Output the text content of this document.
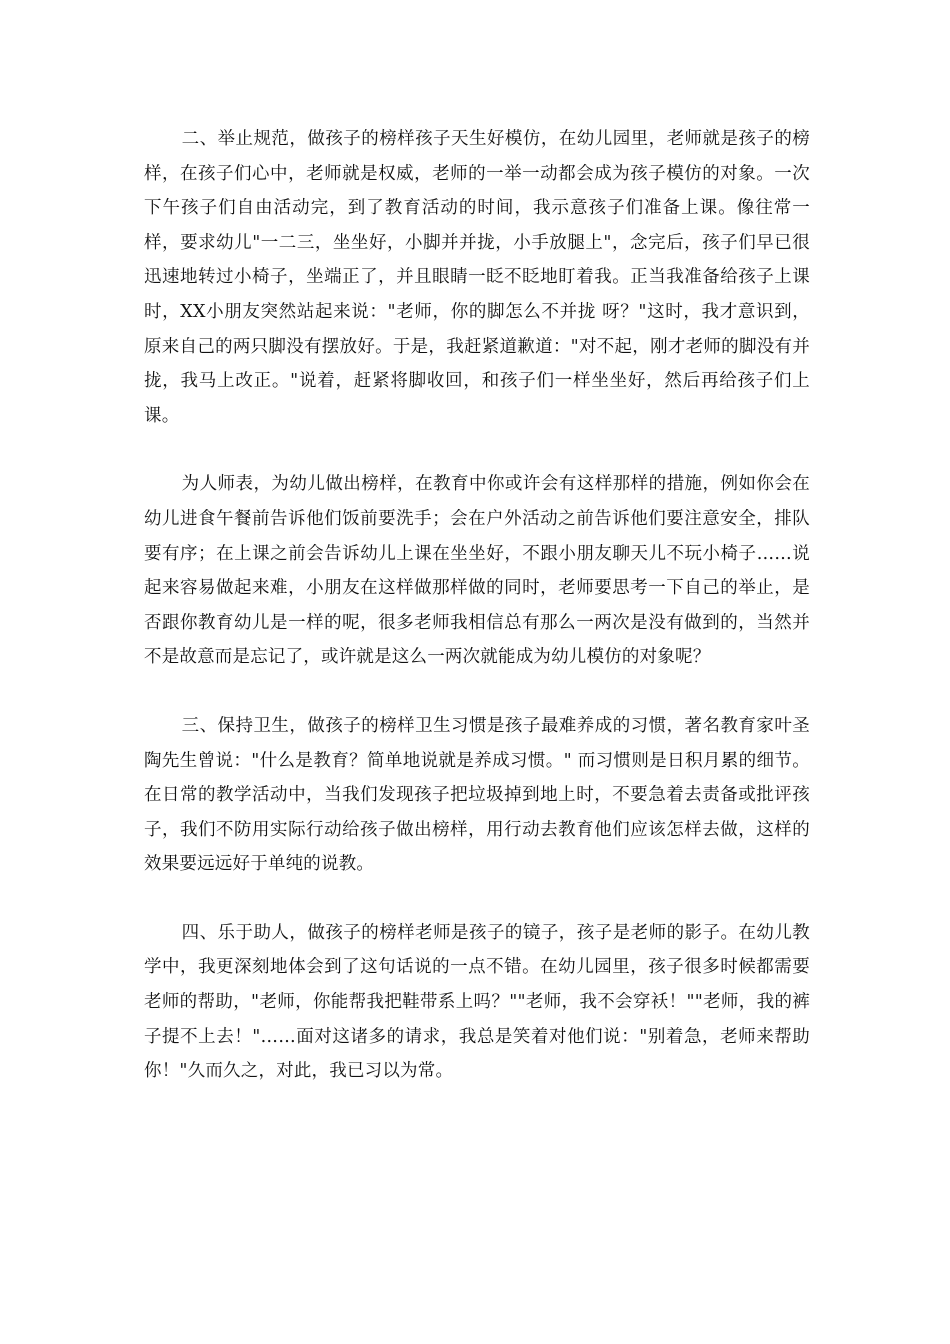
二、举止规范，做孩子的榜样孩子天生好模仿，在幼儿园里，老师就是孩子的榜样，在孩子们心中，老师就是权威，老师的一举一动都会成为孩子模仿的对象。一次下午孩子们自由活动完，到了教育活动的时间，我示意孩子们准备上课。像往常一样，要求幼儿"一二三，坐坐好，小脚并并拢，小手放腿上"，念完后，孩子们早已很迅速地转过小椅子，坐端正了，并且眼睛一眨不眨地盯着我。正当我准备给孩子上课时，XX小朋友突然站起来说："老师，你的脚怎么不并拢 呀？"这时，我才意识到，原来自己的两只脚没有摆放好。于是，我赶紧道歉道："对不起，刚才老师的脚没有并拢，我马上改正。"说着，赶紧将脚收回，和孩子们一样坐坐好，然后再给孩子们上课。

为人师表，为幼儿做出榜样，在教育中你或许会有这样那样的措施，例如你会在幼儿进食午餐前告诉他们饭前要洗手；会在户外活动之前告诉他们要注意安全，排队要有序；在上课之前会告诉幼儿上课在坐坐好，不跟小朋友聊天儿不玩小椅子……说起来容易做起来难，小朋友在这样做那样做的同时，老师要思考一下自己的举止，是否跟你教育幼儿是一样的呢，很多老师我相信总有那么一两次是没有做到的，当然并不是故意而是忘记了，或许就是这么一两次就能成为幼儿模仿的对象呢？

三、保持卫生，做孩子的榜样卫生习惯是孩子最难养成的习惯，著名教育家叶圣陶先生曾说："什么是教育？简单地说就是养成习惯。" 而习惯则是日积月累的细节。在日常的教学活动中，当我们发现孩子把垃圾掉到地上时，不要急着去责备或批评孩子，我们不防用实际行动给孩子做出榜样，用行动去教育他们应该怎样去做，这样的效果要远远好于单纯的说教。

四、乐于助人，做孩子的榜样老师是孩子的镜子，孩子是老师的影子。在幼儿教学中，我更深刻地体会到了这句话说的一点不错。在幼儿园里，孩子很多时候都需要老师的帮助，"老师，你能帮我把鞋带系上吗？""老师，我不会穿袄！""老师，我的裤子提不上去！"……面对这诸多的请求，我总是笑着对他们说："别着急，老师来帮助你！"久而久之，对此，我已习以为常。
